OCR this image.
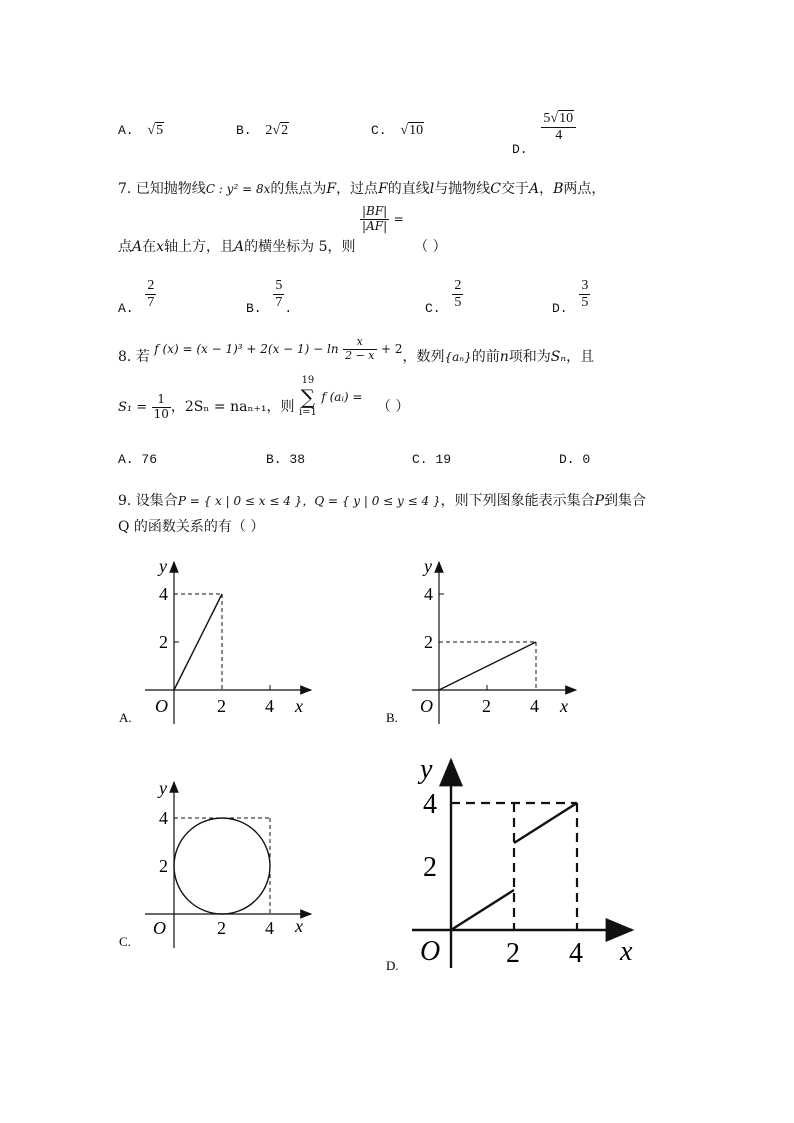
A. √5	B. 2√2	C. √10
D.
$\frac{5√10}{4}$
7. 已知抛物线C : y² = 8x的焦点为F，过点F的直线l与抛物线C交于A，B两点，
点A在x轴上方，且A的横坐标为 5，则
$\frac{|BF|}{|AF|}$ = （ ）
A. $\frac{2}{7}$	B. $\frac{5}{7}$ .	C. $\frac{2}{5}$	D. $\frac{3}{5}$
8. 若 f $(x) = (x - 1)^3 + 2(x - 1) - \ln \frac{x}{2 - x} + 2$，数列{aₙ}的前n项和为Sₙ，且
$S_1 = \frac{1}{10}$ ，2Sₙ = naₙ₊₁，则
19
∑
i=1
f (aᵢ) = （ ）
A. 76	B. 38	C. 19	D. 0
9. 设集合P = { x | 0 ≤ x ≤ 4 }，Q = { y | 0 ≤ y ≤ 4 }，则下列图象能表示集合P到集合
Q 的函数关系的有（ ）
y
4
2
O	2 4 x
A.
y
4
2
O	2 4 x
B.
y
4
2
O	2 4 x
C.
y
4
2
O 2 4 x
D.
